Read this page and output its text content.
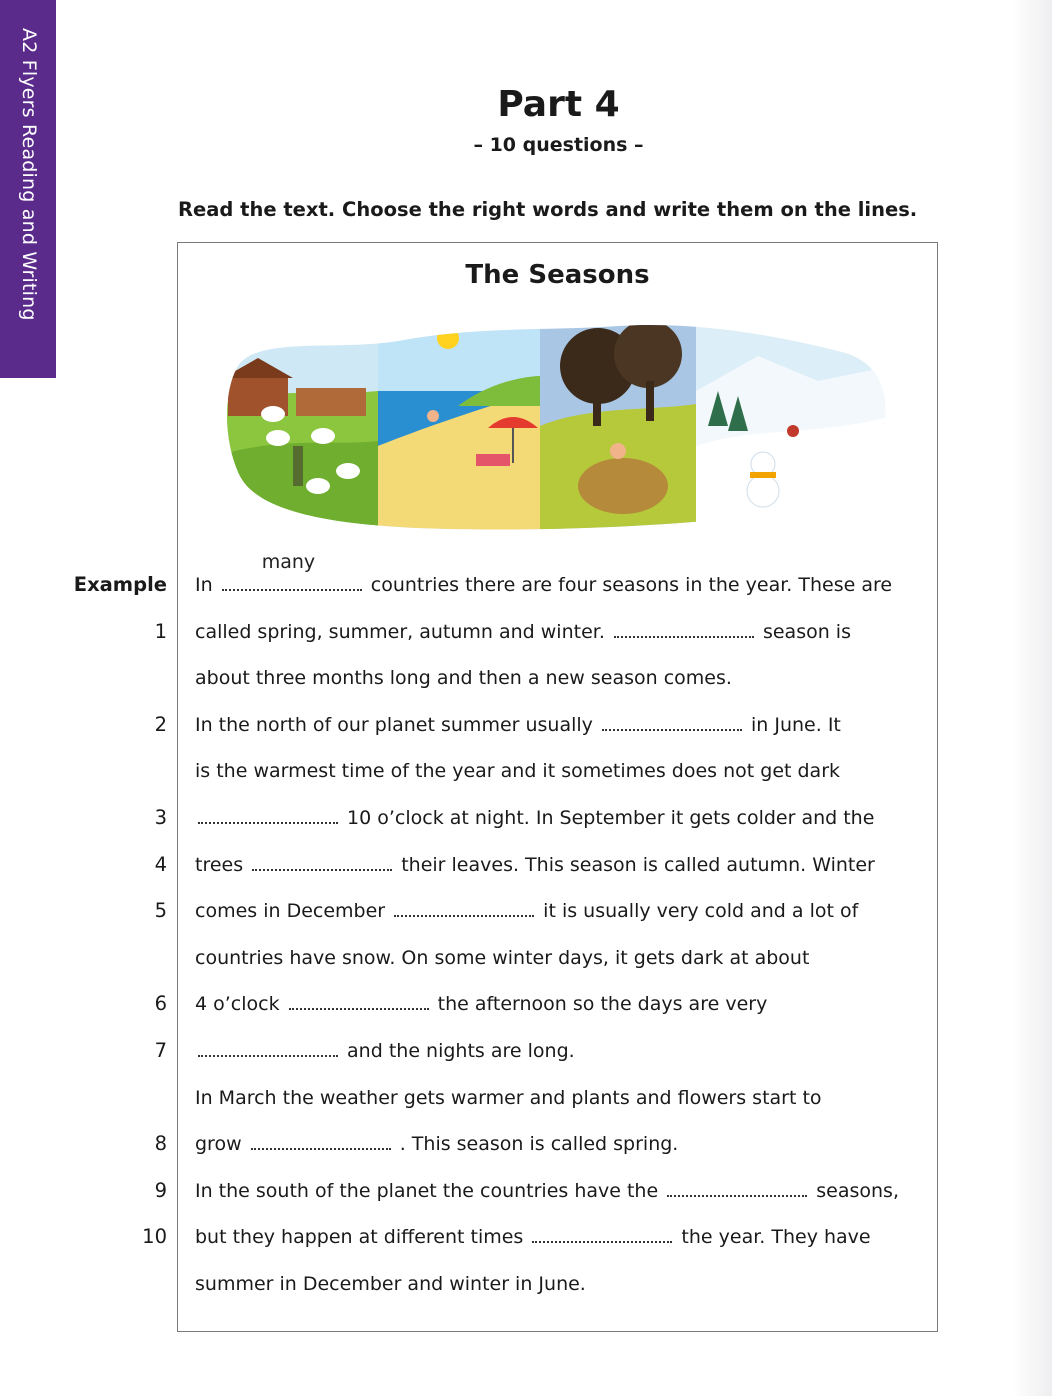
A2 Flyers Reading and Writing	Part 4
– 10 questions –
Read the text. Choose the right words and write them on the lines.
The Seasons
Example In
many
countries there are four seasons in the year. These are
1 called spring, summer, autumn and winter.	season is
about three months long and then a new season comes.
2 In the north of our planet summer usually	in June. It
is the warmest time of the year and it sometimes does not get dark
3	10 o’clock at night. In September it gets colder and the
4 trees	their leaves. This season is called autumn. Winter
5 comes in December	it is usually very cold and a lot of
countries have snow. On some winter days, it gets dark at about
6 4 o’clock	the afternoon so the days are very
7	and the nights are long.
In March the weather gets warmer and plants and flowers start to
8 grow	. This season is called spring.
9 In the south of the planet the countries have the	seasons,
10 but they happen at different times	the year. They have
summer in December and winter in June.
